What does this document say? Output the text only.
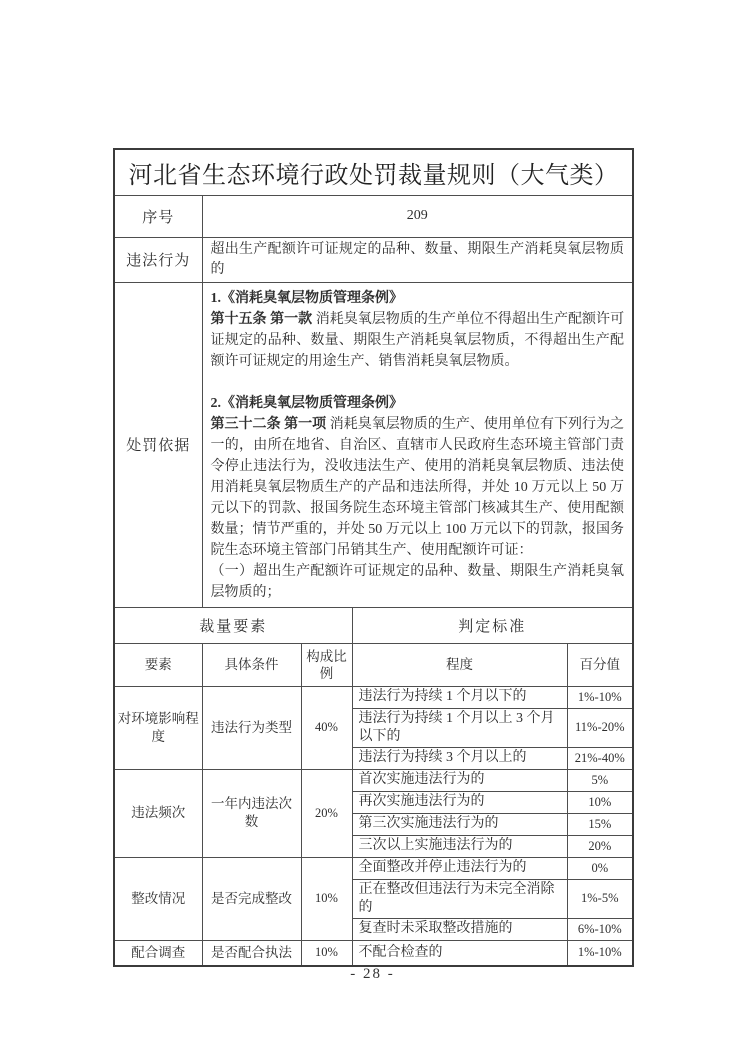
河北省生态环境行政处罚裁量规则（大气类）				
序号	209			
违法行为	超出生产配额许可证规定的品种、数量、期限生产消耗臭氧层物质的			
处罚依据	1.《消耗臭氧层物质管理条例》

第十五条 第一款 消耗臭氧层物质的生产单位不得超出生产配额许可证规定的品种、数量、期限生产消耗臭氧层物质，不得超出生产配额许可证规定的用途生产、销售消耗臭氧层物质。

2.《消耗臭氧层物质管理条例》

第三十二条 第一项 消耗臭氧层物质的生产、使用单位有下列行为之一的，由所在地省、自治区、直辖市人民政府生态环境主管部门责令停止违法行为，没收违法生产、使用的消耗臭氧层物质、违法使用消耗臭氧层物质生产的产品和违法所得，并处 10 万元以上 50 万元以下的罚款、报国务院生态环境主管部门核减其生产、使用配额数量；情节严重的，并处 50 万元以上 100 万元以下的罚款，报国务院生态环境主管部门吊销其生产、使用配额许可证：

（一）超出生产配额许可证规定的品种、数量、期限生产消耗臭氧层物质的；			

裁量要素			判定标准	
要素	具体条件	构成比例	程度	百分值
对环境影响程度	违法行为类型	40%	违法行为持续 1 个月以下的	1%-10%
			违法行为持续 1 个月以上 3 个月以下的	11%-20%
			违法行为持续 3 个月以上的	21%-40%
违法频次	一年内违法次数	20%	首次实施违法行为的	5%
			再次实施违法行为的	10%
			第三次实施违法行为的	15%
			三次以上实施违法行为的	20%
整改情况	是否完成整改	10%	全面整改并停止违法行为的	0%
			正在整改但违法行为未完全消除的	1%-5%
			复查时未采取整改措施的	6%-10%
配合调查	是否配合执法	10%	不配合检查的	1%-10%
- 28 -
